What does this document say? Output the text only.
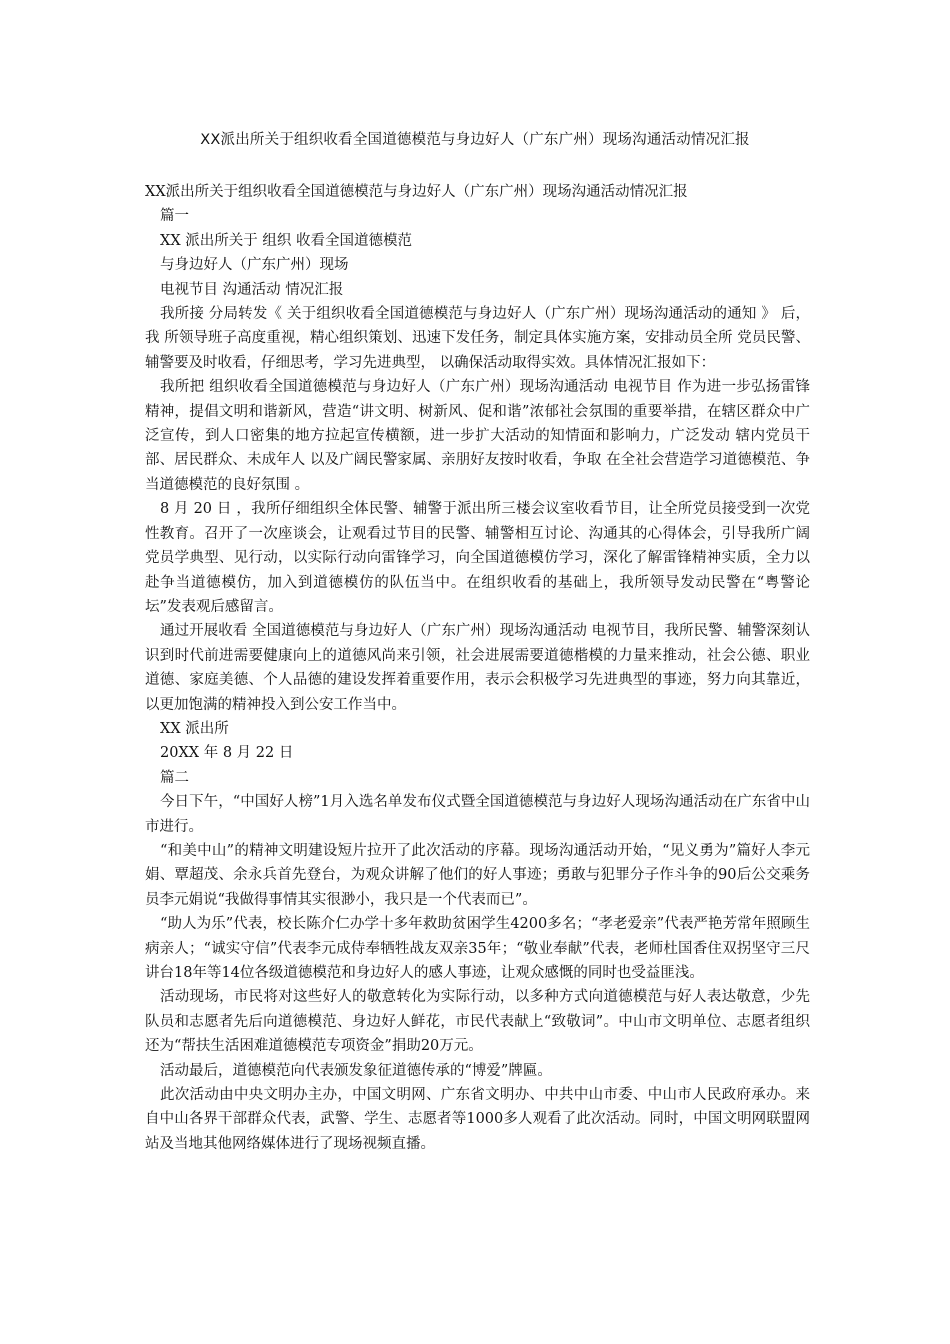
XX派出所关于组织收看全国道德模范与身边好人（广东广州）现场沟通活动情况汇报
XX派出所关于组织收看全国道德模范与身边好人（广东广州）现场沟通活动情况汇报
篇一
XX 派出所关于 组织 收看全国道德模范
与身边好人（广东广州）现场
电视节目 沟通活动 情况汇报
我所接 分局转发《 关于组织收看全国道德模范与身边好人（广东广州）现场沟通活动的通知 》 后， 我 所领导班子高度重视，精心组织策划、迅速下发任务，制定具体实施方案，安排动员全所 党员民警、辅警要及时收看，仔细思考，学习先进典型， 以确保活动取得实效。具体情况汇报如下：
我所把 组织收看全国道德模范与身边好人（广东广州）现场沟通活动 电视节目 作为进一步弘扬雷锋精神，提倡文明和谐新风，营造“讲文明、树新风、促和谐”浓郁社会氛围的重要举措，在辖区群众中广泛宣传，到人口密集的地方拉起宣传横额，进一步扩大活动的知情面和影响力，广泛发动 辖内党员干部、居民群众、未成年人 以及广阔民警家属、亲朋好友按时收看，争取 在全社会营造学习道德模范、争当道德模范的良好氛围 。
8 月 20 日 ，我所仔细组织全体民警、辅警于派出所三楼会议室收看节目，让全所党员接受到一次党性教育。召开了一次座谈会，让观看过节目的民警、辅警相互讨论、沟通其的心得体会，引导我所广阔党员学典型、见行动，以实际行动向雷锋学习，向全国道德模仿学习，深化了解雷锋精神实质，全力以赴争当道德模仿，加入到道德模仿的队伍当中。在组织收看的基础上，我所领导发动民警在“粤警论坛”发表观后感留言。
通过开展收看 全国道德模范与身边好人（广东广州）现场沟通活动 电视节目，我所民警、辅警深刻认识到时代前进需要健康向上的道德风尚来引领，社会进展需要道德楷模的力量来推动，社会公德、职业道德、家庭美德、个人品德的建设发挥着重要作用，表示会积极学习先进典型的事迹，努力向其靠近，以更加饱满的精神投入到公安工作当中。
XX 派出所
20XX 年 8 月 22 日
篇二
今日下午，“中国好人榜”1月入选名单发布仪式暨全国道德模范与身边好人现场沟通活动在广东省中山市进行。
“和美中山”的精神文明建设短片拉开了此次活动的序幕。现场沟通活动开始，“见义勇为”篇好人李元娟、覃超茂、余永兵首先登台，为观众讲解了他们的好人事迹；勇敢与犯罪分子作斗争的90后公交乘务员李元娟说“我做得事情其实很渺小，我只是一个代表而已”。
“助人为乐”代表，校长陈介仁办学十多年救助贫困学生4200多名；“孝老爱亲”代表严艳芳常年照顾生病亲人；“诚实守信”代表李元成侍奉牺牲战友双亲35年；“敬业奉献”代表，老师杜国香住双拐坚守三尺讲台18年等14位各级道德模范和身边好人的感人事迹，让观众感慨的同时也受益匪浅。
活动现场，市民将对这些好人的敬意转化为实际行动，以多种方式向道德模范与好人表达敬意，少先队员和志愿者先后向道德模范、身边好人鲜花，市民代表献上“致敬词”。中山市文明单位、志愿者组织还为“帮扶生活困难道德模范专项资金”捐助20万元。
活动最后，道德模范向代表颁发象征道德传承的“博爱”牌匾。
此次活动由中央文明办主办，中国文明网、广东省文明办、中共中山市委、中山市人民政府承办。来自中山各界干部群众代表，武警、学生、志愿者等1000多人观看了此次活动。同时，中国文明网联盟网站及当地其他网络媒体进行了现场视频直播。
